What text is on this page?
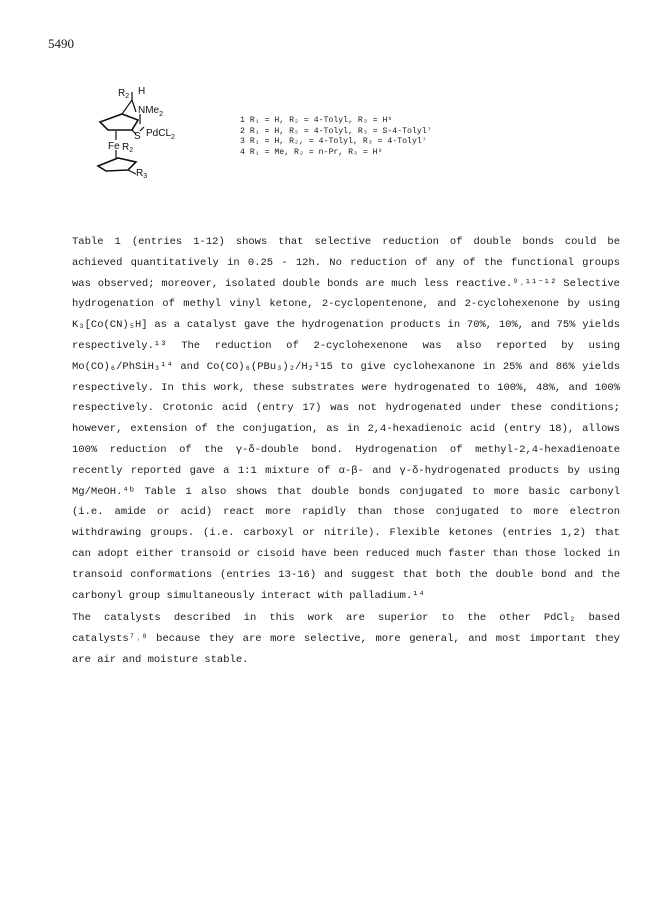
5490
$R_2$ H
NMe$_2$
S PdCL$_2$
Fe $R_2$
$R_3$
1 R₁ = H, R₂ = 4-Tolyl, R₃ = H⁶
2 R₁ = H, R₂ = 4-Tolyl, R₃ = S-4-Tolyl⁷
3 R₁ = H, R₂, = 4-Tolyl, R₃ = 4-Tolyl⁷
4 R₁ = Me, R₂ = n-Pr, R₃ = H⁸

Table 1 (entries 1-12) shows that selective reduction of double bonds could be achieved quantitatively in 0.25 - 12h. No reduction of any of the functional groups was observed; moreover, isolated double bonds are much less reactive.⁹˒¹¹⁻¹² Selective hydrogenation of methyl vinyl ketone, 2-cyclopentenone, and 2-cyclohexenone by using K₃[Co(CN)₅H] as a catalyst gave the hydrogenation products in 70%, 10%, and 75% yields respectively.¹³ The reduction of 2-cyclohexenone was also reported by using Mo(CO)₆/PhSiH₃¹⁴ and Co(CO)₆(PBu₃)₂/H₂¹15 to give cyclohexanone in 25% and 86% yields respectively. In this work, these substrates were hydrogenated to 100%, 48%, and 100% respectively. Crotonic acid (entry 17) was not hydrogenated under these conditions; however, extension of the conjugation, as in 2,4-hexadienoic acid (entry 18), allows 100% reduction of the γ-δ-double bond. Hydrogenation of methyl-2,4-hexadienoate recently reported gave a 1:1 mixture of α-β- and γ-δ-hydrogenated products by using Mg/MeOH.⁴ᵇ Table 1 also shows that double bonds conjugated to more basic carbonyl (i.e. amide or acid) react more rapidly than those conjugated to more electron withdrawing groups. (i.e. carboxyl or nitrile). Flexible ketones (entries 1,2) that can adopt either transoid or cisoid have been reduced much faster than those locked in transoid conformations (entries 13-16) and suggest that both the double bond and the carbonyl group simultaneously interact with palladium.¹⁴

The catalysts described in this work are superior to the other PdCl₂ based catalysts⁷˒⁸ because they are more selective, more general, and most important they are air and moisture stable.
